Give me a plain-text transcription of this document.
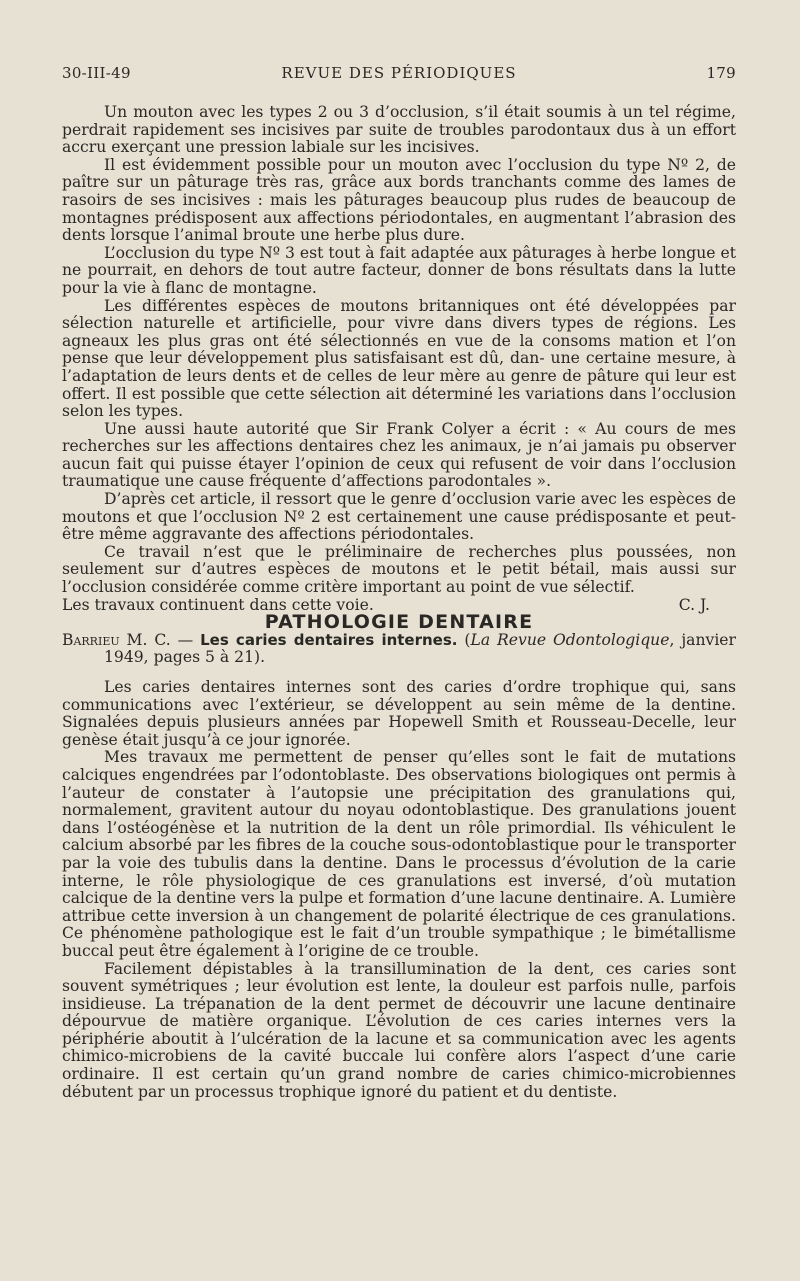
30-III-49	REVUE DES PÉRIODIQUES	179

Un mouton avec les types 2 ou 3 d’occlusion, s’il était soumis à un tel régime, perdrait rapidement ses incisives par suite de troubles parodontaux dus à un effort accru exerçant une pression labiale sur les incisives.

Il est évidemment possible pour un mouton avec l’occlusion du type Nº 2, de paître sur un pâturage très ras, grâce aux bords tranchants comme des lames de rasoirs de ses incisives : mais les pâturages beaucoup plus rudes de beaucoup de montagnes prédisposent aux affections périodontales, en augmentant l’abrasion des dents lorsque l’animal broute une herbe plus dure.

L’occlusion du type Nº 3 est tout à fait adaptée aux pâturages à herbe longue et ne pourrait, en dehors de tout autre facteur, donner de bons résultats dans la lutte pour la vie à flanc de montagne.

Les différentes espèces de moutons britanniques ont été développées par sélection naturelle et artificielle, pour vivre dans divers types de régions. Les agneaux les plus gras ont été sélectionnés en vue de la consoms mation et l’on pense que leur développement plus satisfaisant est dû, dan- une certaine mesure, à l’adaptation de leurs dents et de celles de leur mère au genre de pâture qui leur est offert. Il est possible que cette sélection ait déterminé les variations dans l’occlusion selon les types.

Une aussi haute autorité que Sir Frank Colyer a écrit : « Au cours de mes recherches sur les affections dentaires chez les animaux, je n’ai jamais pu observer aucun fait qui puisse étayer l’opinion de ceux qui refusent de voir dans l’occlusion traumatique une cause fréquente d’affections parodontales ».

D’après cet article, il ressort que le genre d’occlusion varie avec les espèces de moutons et que l’occlusion Nº 2 est certainement une cause prédisposante et peut-être même aggravante des affections périodontales.

Ce travail n’est que le préliminaire de recherches plus poussées, non seulement sur d’autres espèces de moutons et le petit bétail, mais aussi sur l’occlusion considérée comme critère important au point de vue sélectif.

Les travaux continuent dans cette voie.	C. J.

PATHOLOGIE DENTAIRE

Barrieu M. C. — Les caries dentaires internes. (La Revue Odontologique, janvier 1949, pages 5 à 21).

Les caries dentaires internes sont des caries d’ordre trophique qui, sans communications avec l’extérieur, se développent au sein même de la dentine. Signalées depuis plusieurs années par Hopewell Smith et Rousseau-Decelle, leur genèse était jusqu’à ce jour ignorée.

Mes travaux me permettent de penser qu’elles sont le fait de mutations calciques engendrées par l’odontoblaste. Des observations biologiques ont permis à l’auteur de constater à l’autopsie une précipitation des granulations qui, normalement, gravitent autour du noyau odontoblastique. Des granulations jouent dans l’ostéogénèse et la nutrition de la dent un rôle primordial. Ils véhiculent le calcium absorbé par les fibres de la couche sous-odontoblastique pour le transporter par la voie des tubulis dans la dentine. Dans le processus d’évolution de la carie interne, le rôle physiologique de ces granulations est inversé, d’où mutation calcique de la dentine vers la pulpe et formation d’une lacune dentinaire. A. Lumière attribue cette inversion à un changement de polarité électrique de ces granulations. Ce phénomène pathologique est le fait d’un trouble sympathique ; le bimétallisme buccal peut être également à l’origine de ce trouble.

Facilement dépistables à la transillumination de la dent, ces caries sont souvent symétriques ; leur évolution est lente, la douleur est parfois nulle, parfois insidieuse. La trépanation de la dent permet de découvrir une lacune dentinaire dépourvue de matière organique. L’évolution de ces caries internes vers la périphérie aboutit à l’ulcération de la lacune et sa communication avec les agents chimico-microbiens de la cavité buccale lui confère alors l’aspect d’une carie ordinaire. Il est certain qu’un grand nombre de caries chimico-microbiennes débutent par un processus trophique ignoré du patient et du dentiste.
